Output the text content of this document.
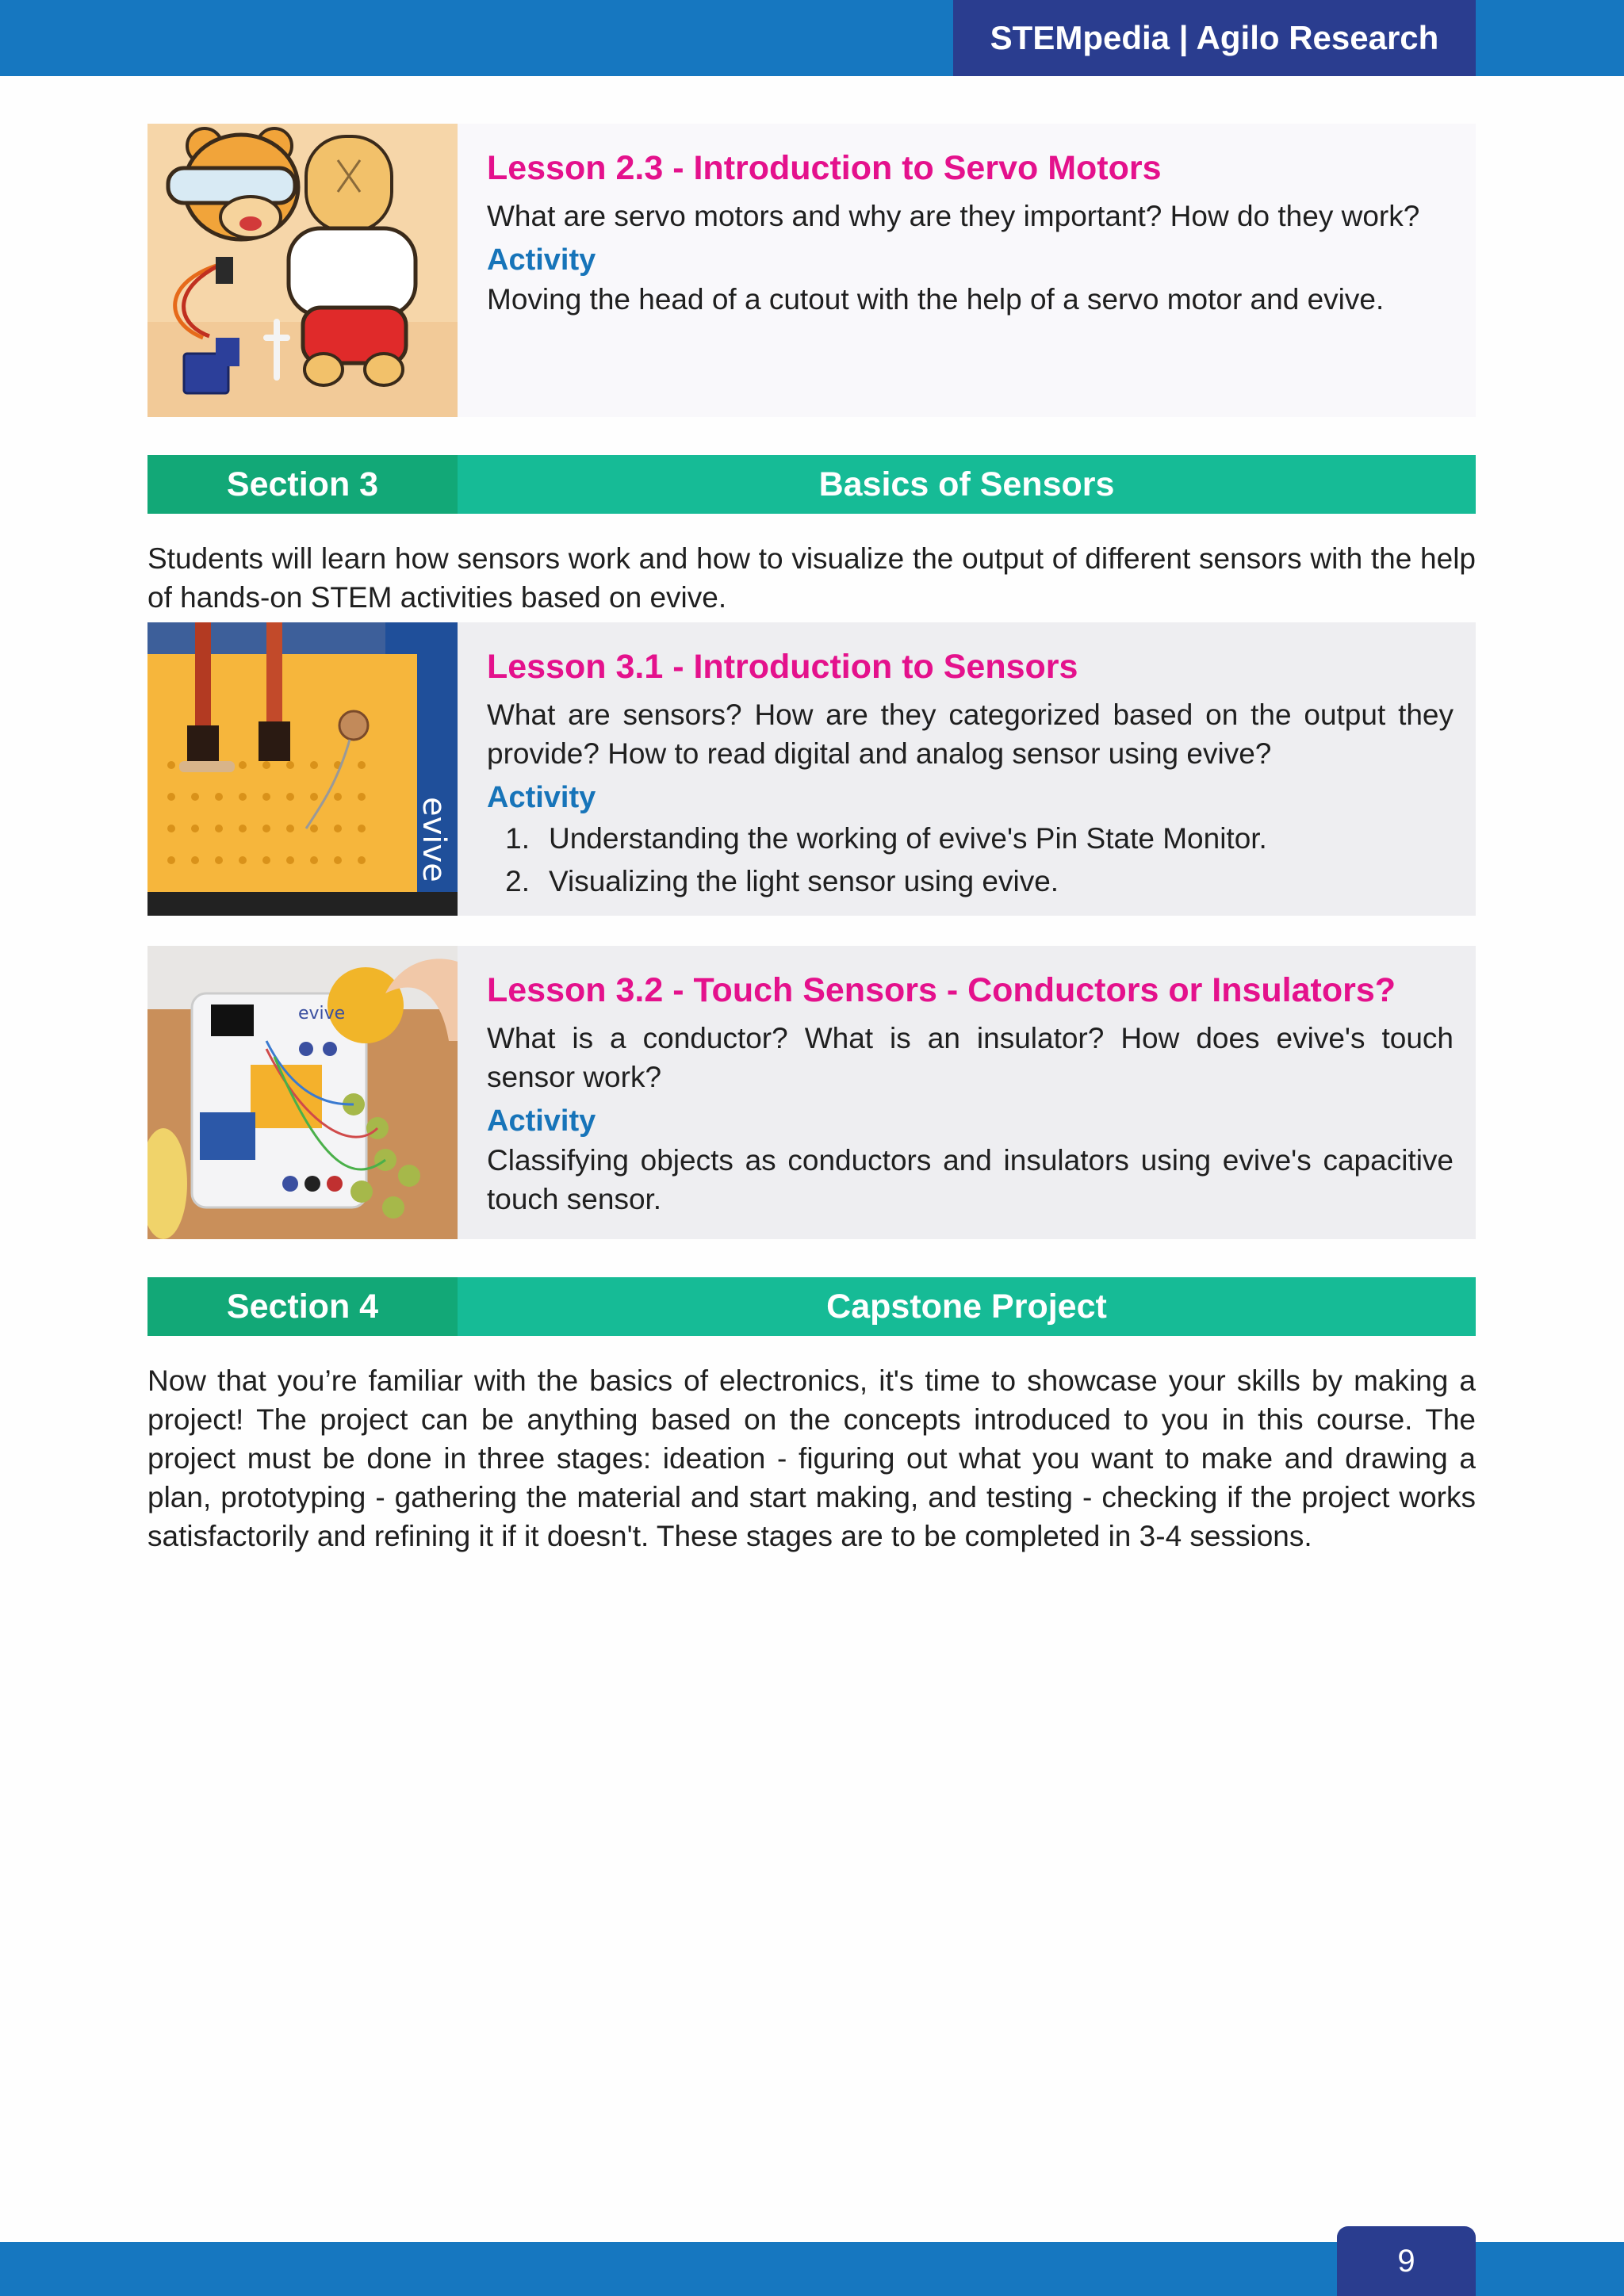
STEMpedia | Agilo Research
Lesson 2.3 - Introduction to Servo Motors

What are servo motors and why are they important? How do they work?

Activity

Moving the head of a cutout with the help of a servo motor and evive.

Section 3	Basics of Sensors

Students will learn how sensors work and how to visualize the output of different sensors with the help of hands-on STEM activities based on evive.

evive
Lesson 3.1 - Introduction to Sensors

What are sensors? How are they categorized based on the output they provide? How to read digital and analog sensor using evive?

Activity
1. Understanding the working of evive's Pin State Monitor.
2. Visualizing the light sensor using evive.
evive
Lesson 3.2 - Touch Sensors - Conductors or Insulators?

What is a conductor? What is an insulator? How does evive's touch sensor work?

Activity

Classifying objects as conductors and insulators using evive's capacitive touch sensor.

Section 4	Capstone Project

Now that you’re familiar with the basics of electronics, it's time to showcase your skills by making a project! The project can be anything based on the concepts introduced to you in this course. The project must be done in three stages: ideation - figuring out what you want to make and drawing a plan, prototyping - gathering the material and start making, and testing - checking if the project works satisfactorily and refining it if it doesn't. These stages are to be completed in 3-4 sessions.

9
